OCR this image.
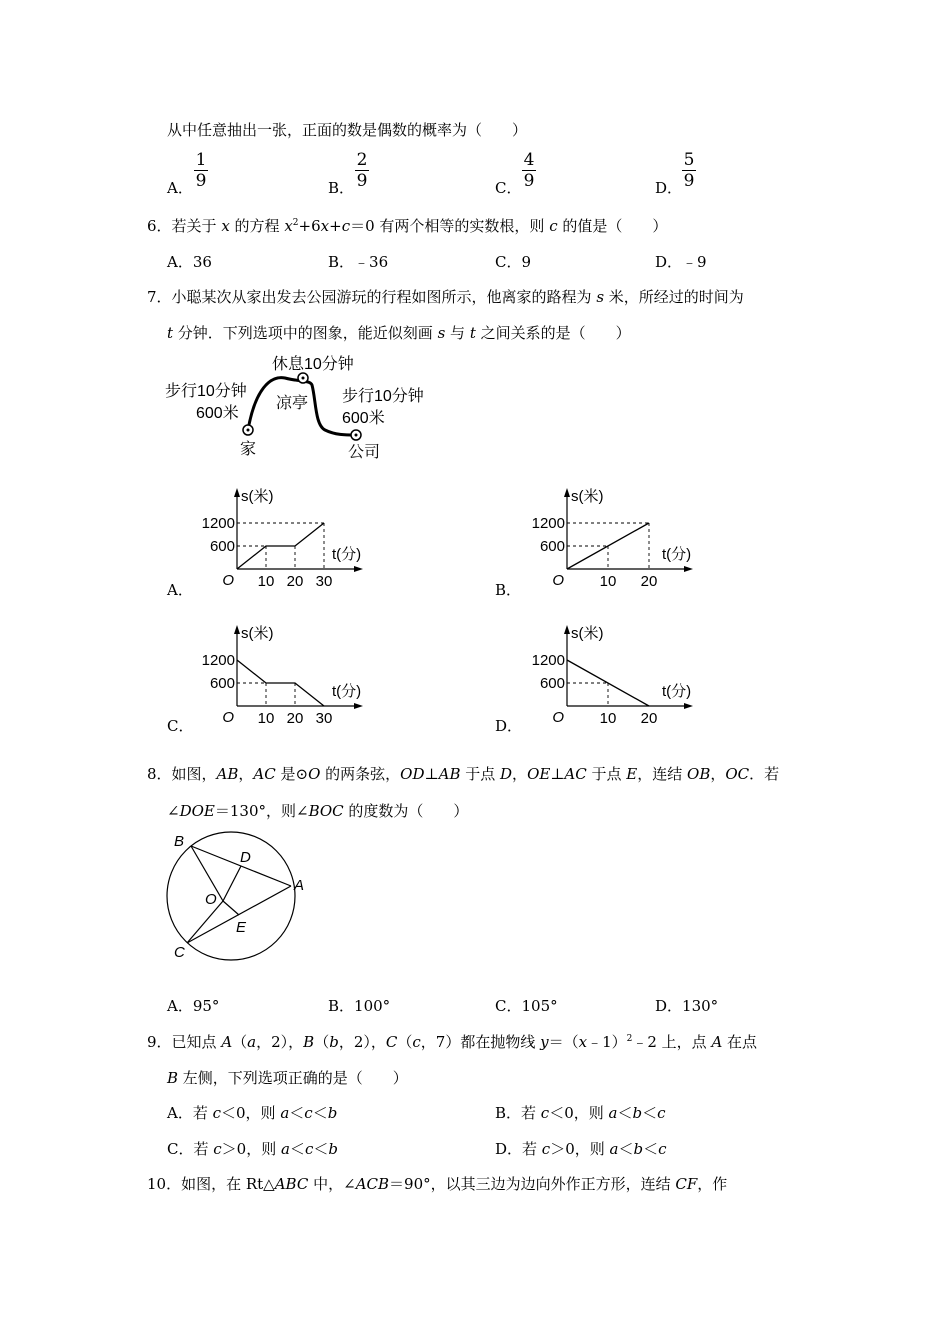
从中任意抽出一张，正面的数是偶数的概率为（　　）
A．
1
9	B．
2
9	C．
4
9	D．
5
9
6．若关于 x 的方程 $x^2+6x+c=0$ 有两个相等的实数根，则 c 的值是（　　）
A．36	B．﹣36	C．9	D．﹣9
7．小聪某次从家出发去公园游玩的行程如图所示，他离家的路程为 s 米，所经过的时间为
t 分钟．下列选项中的图象，能近似刻画 s 与 t 之间关系的是（　　）
休息10分钟
步行10分钟
600米
凉亭 步行10分钟
600米
家	公司
s(米)
t(分)
O
1200
600
10 20 30
s(米)
t(分)
O
1200
600
10 20
s(米)
t(分)
O
1200
600
10 20 30
s(米)
t(分)
O
1200
600
10 20
A．	B．
C．	D．
8．如图，AB，AC 是⊙O 的两条弦，OD⊥AB 于点 D，OE⊥AC 于点 E，连结 OB，OC．若
∠DOE＝130°，则∠BOC 的度数为（　　）
B
D
A
O
E
C
A．95°	B．100°	C．105°	D．130°
9．已知点 A（a，2），B（b，2），C（c，7）都在抛物线 y＝（x﹣1）$^2$﹣2 上，点 A 在点
B 左侧，下列选项正确的是（　　）
A．若 c＜0，则 a＜c＜b	B．若 c＜0，则 a＜b＜c
C．若 c＞0，则 a＜c＜b	D．若 c＞0，则 a＜b＜c
10．如图，在 Rt△ABC 中，∠ACB＝90°，以其三边为边向外作正方形，连结 CF，作
